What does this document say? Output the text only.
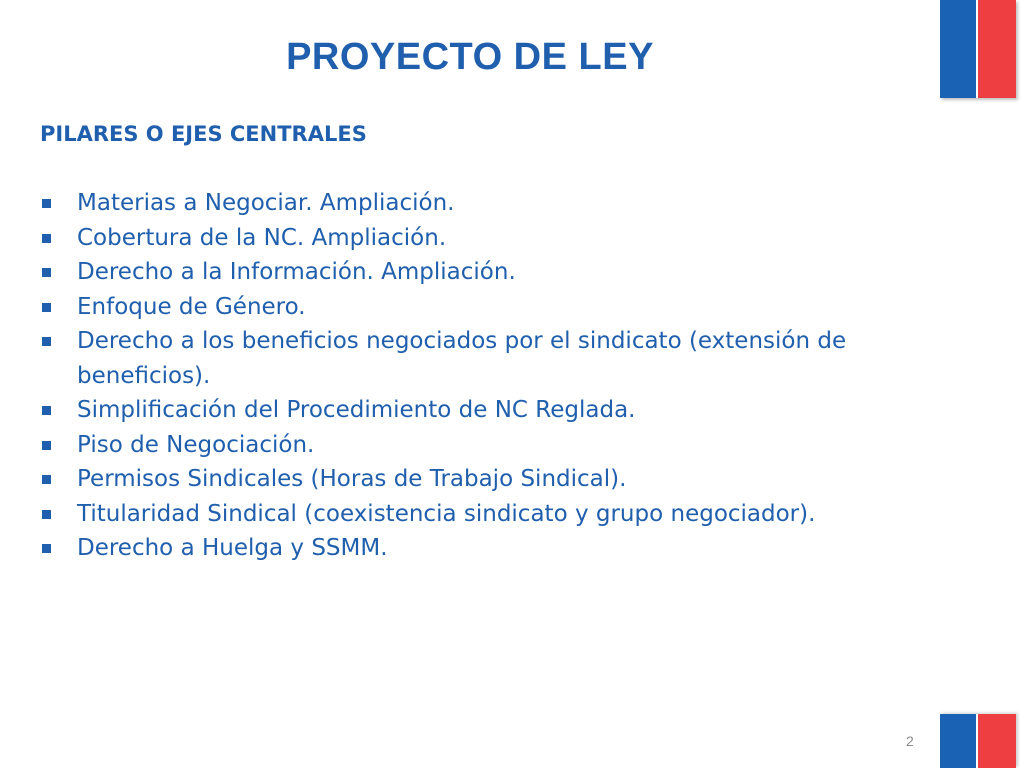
PROYECTO DE LEY
PILARES O EJES CENTRALES
Materias a Negociar. Ampliación.
Cobertura de la NC. Ampliación.
Derecho a la Información. Ampliación.
Enfoque de Género.
Derecho a los beneficios negociados por el sindicato (extensión de beneficios).
Simplificación del Procedimiento de NC Reglada.
Piso de Negociación.
Permisos Sindicales (Horas de Trabajo Sindical).
Titularidad Sindical (coexistencia sindicato y grupo negociador).
Derecho a Huelga y SSMM.
2
